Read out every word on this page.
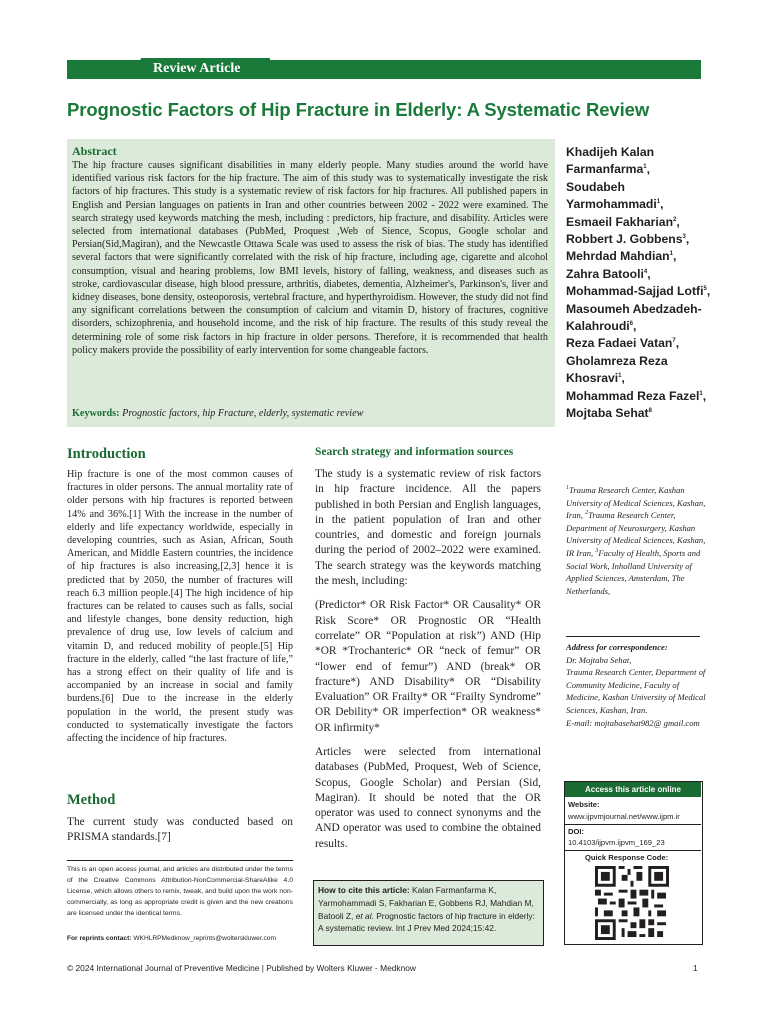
Review Article
Prognostic Factors of Hip Fracture in Elderly: A Systematic Review
Abstract
The hip fracture causes significant disabilities in many elderly people. Many studies around the world have identified various risk factors for the hip fracture. The aim of this study was to systematically investigate the risk factors of hip fractures. This study is a systematic review of risk factors for hip fractures. All published papers in English and Persian languages on patients in Iran and other countries between 2002 - 2022 were examined. The search strategy used keywords matching the mesh, including : predictors, hip fracture, and disability. Articles were selected from international databases (PubMed, Proquest ,Web of Sience, Scopus, Google scholar and Persian(Sid,Magiran), and the Newcastle Ottawa Scale was used to assess the risk of bias. The study has identified several factors that were significantly correlated with the risk of hip fracture, including age, cigarette and alcohol consumption, visual and hearing problems, low BMI levels, history of falling, weakness, and diseases such as stroke, cardiovascular disease, high blood pressure, arthritis, diabetes, dementia, Alzheimer's, Parkinson's, liver and kidney diseases, bone density, osteoporosis, vertebral fracture, and hyperthyroidism. However, the study did not find any significant correlations between the consumption of calcium and vitamin D, history of fractures, cognitive disorders, schizophrenia, and household income, and the risk of hip fracture. The results of this study reveal the determining role of some risk factors in hip fracture in older persons. Therefore, it is recommended that health policy makers provide the possibility of early intervention for some changeable factors.
Keywords: Prognostic factors, hip Fracture, elderly, systematic review
Khadijeh Kalan Farmanfarma$^1$,
Soudabeh Yarmohammadi$^1$,
Esmaeil Fakharian$^2$,
Robbert J. Gobbens$^3$,
Mehrdad Mahdian$^1$,
Zahra Batooli$^4$,
Mohammad-Sajjad Lotfi$^5$,
Masoumeh Abedzadeh-Kalahroudi$^6$,
Reza Fadaei Vatan$^7$,
Gholamreza Reza Khosravi$^1$,
Mohammad Reza Fazel$^1$,
Mojtaba Sehat$^8$
$^1$Trauma Research Center, Kashan University of Medical Sciences, Kashan, Iran, $^2$Trauma Research Center, Department of Neurosurgery, Kashan University of Medical Sciences, Kashan, IR Iran, $^3$Faculty of Health, Sports and Social Work, Inholland University of Applied Sciences, Amsterdam, The Netherlands,
Address for correspondence:
Dr. Mojtaba Sehat,
Trauma Research Center, Department of Community Medicine, Faculty of Medicine, Kashan University of Medical Sciences, Kashan, Iran.
E-mail: mojtabasehat982@ gmail.com
Introduction
Hip fracture is one of the most common causes of fractures in older persons. The annual mortality rate of older persons with hip fractures is reported between 14% and 36%.[1] With the increase in the number of elderly and life expectancy worldwide, especially in developing countries, such as Asian, African, South American, and Middle Eastern countries, the incidence of hip fractures is also increasing,[2,3] hence it is predicted that by 2050, the number of fractures will reach 6.3 million people.[4] The high incidence of hip fractures can be related to causes such as falls, social and lifestyle changes, bone density reduction, high prevalence of drug use, low levels of calcium and vitamin D, and reduced mobility of people.[5] Hip fracture in the elderly, called “the last fracture of life,” has a strong effect on their quality of life and is accompanied by an increase in social and family burdens.[6] Due to the increase in the elderly population in the world, the present study was conducted to systematically investigate the factors affecting the incidence of hip fractures.
Method
The current study was conducted based on PRISMA standards.[7]
Search strategy and information sources
The study is a systematic review of risk factors in hip fracture incidence. All the papers published in both Persian and English languages, in the patient population of Iran and other countries, and domestic and foreign journals during the period of 2002–2022 were examined. The search strategy was the keywords matching the mesh, including:
(Predictor* OR Risk Factor* OR Causality* OR Risk Score* OR Prognostic OR “Health correlate” OR “Population at risk”) AND (Hip *OR *Trochanteric* OR “neck of femur” OR “lower end of femur”) AND (break* OR fracture*) AND Disability* OR “Disability Evaluation” OR Frailty* OR “Frailty Syndrome” OR Debility* OR imperfection* OR weakness* OR infirmity*
Articles were selected from international databases (PubMed, Proquest, Web of Science, Scopus, Google Scholar) and Persian (Sid, Magiran). It should be noted that the OR operator was used to connect synonyms and the AND operator was used to combine the obtained results.
This is an open access journal, and articles are distributed under the terms of the Creative Commons Attribution-NonCommercial-ShareAlike 4.0 License, which allows others to remix, tweak, and build upon the work non-commercially, as long as appropriate credit is given and the new creations are licensed under the identical terms.
For reprints contact: WKHLRPMedknow_reprints@wolterskluwer.com
How to cite this article: Kalan Farmanfarma K, Yarmohammadi S, Fakharian E, Gobbens RJ, Mahdian M, Batooli Z, et al. Prognostic factors of hip fracture in elderly: A systematic review. Int J Prev Med 2024;15:42.
Access this article online
Website:
www.ijpvmjournal.net/www.ijpm.ir
DOI:
10.4103/ijpvm.ijpvm_169_23
Quick Response Code:
© 2024 International Journal of Preventive Medicine | Published by Wolters Kluwer - Medknow	1
